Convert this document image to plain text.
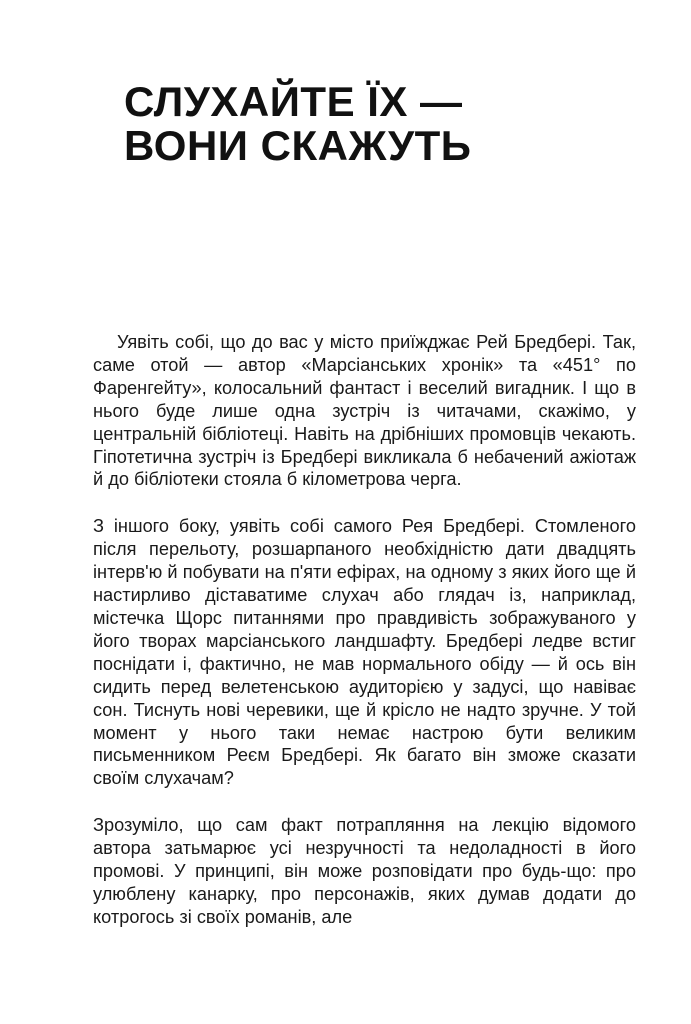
СЛУХАЙТЕ ЇХ —
ВОНИ СКАЖУТЬ

Уявіть собі, що до вас у місто приїжджає Рей Бредбері. Так, саме отой — автор «Марсіанських хронік» та «451° по Фаренгейту», колосальний фантаст і веселий вигадник. І що в нього буде лише одна зустріч із читачами, скажімо, у центральній бібліотеці. Навіть на дрібніших промовців чекають. Гіпотетична зустріч із Бредбері викликала б небачений ажіотаж й до бібліотеки стояла б кілометрова черга.

З іншого боку, уявіть собі самого Рея Бредбері. Стомленого після перельоту, розшарпаного необхідністю дати двадцять інтерв'ю й побувати на п'яти ефірах, на одному з яких його ще й настирливо діставатиме слухач або глядач із, наприклад, містечка Щорс питаннями про правдивість зображуваного у його творах марсіанського ландшафту. Бредбері ледве встиг поснідати і, фактично, не мав нормального обіду — й ось він сидить перед велетенською аудиторією у задусі, що навіває сон. Тиснуть нові черевики, ще й крісло не надто зручне. У той момент у нього таки немає настрою бути великим письменником Реєм Бредбері. Як багато він зможе сказати своїм слухачам?

Зрозуміло, що сам факт потрапляння на лекцію відомого автора затьмарює усі незручності та недоладності в його промові. У принципі, він може розповідати про будь-що: про улюблену канарку, про персонажів, яких думав додати до котрогось зі своїх романів, але
